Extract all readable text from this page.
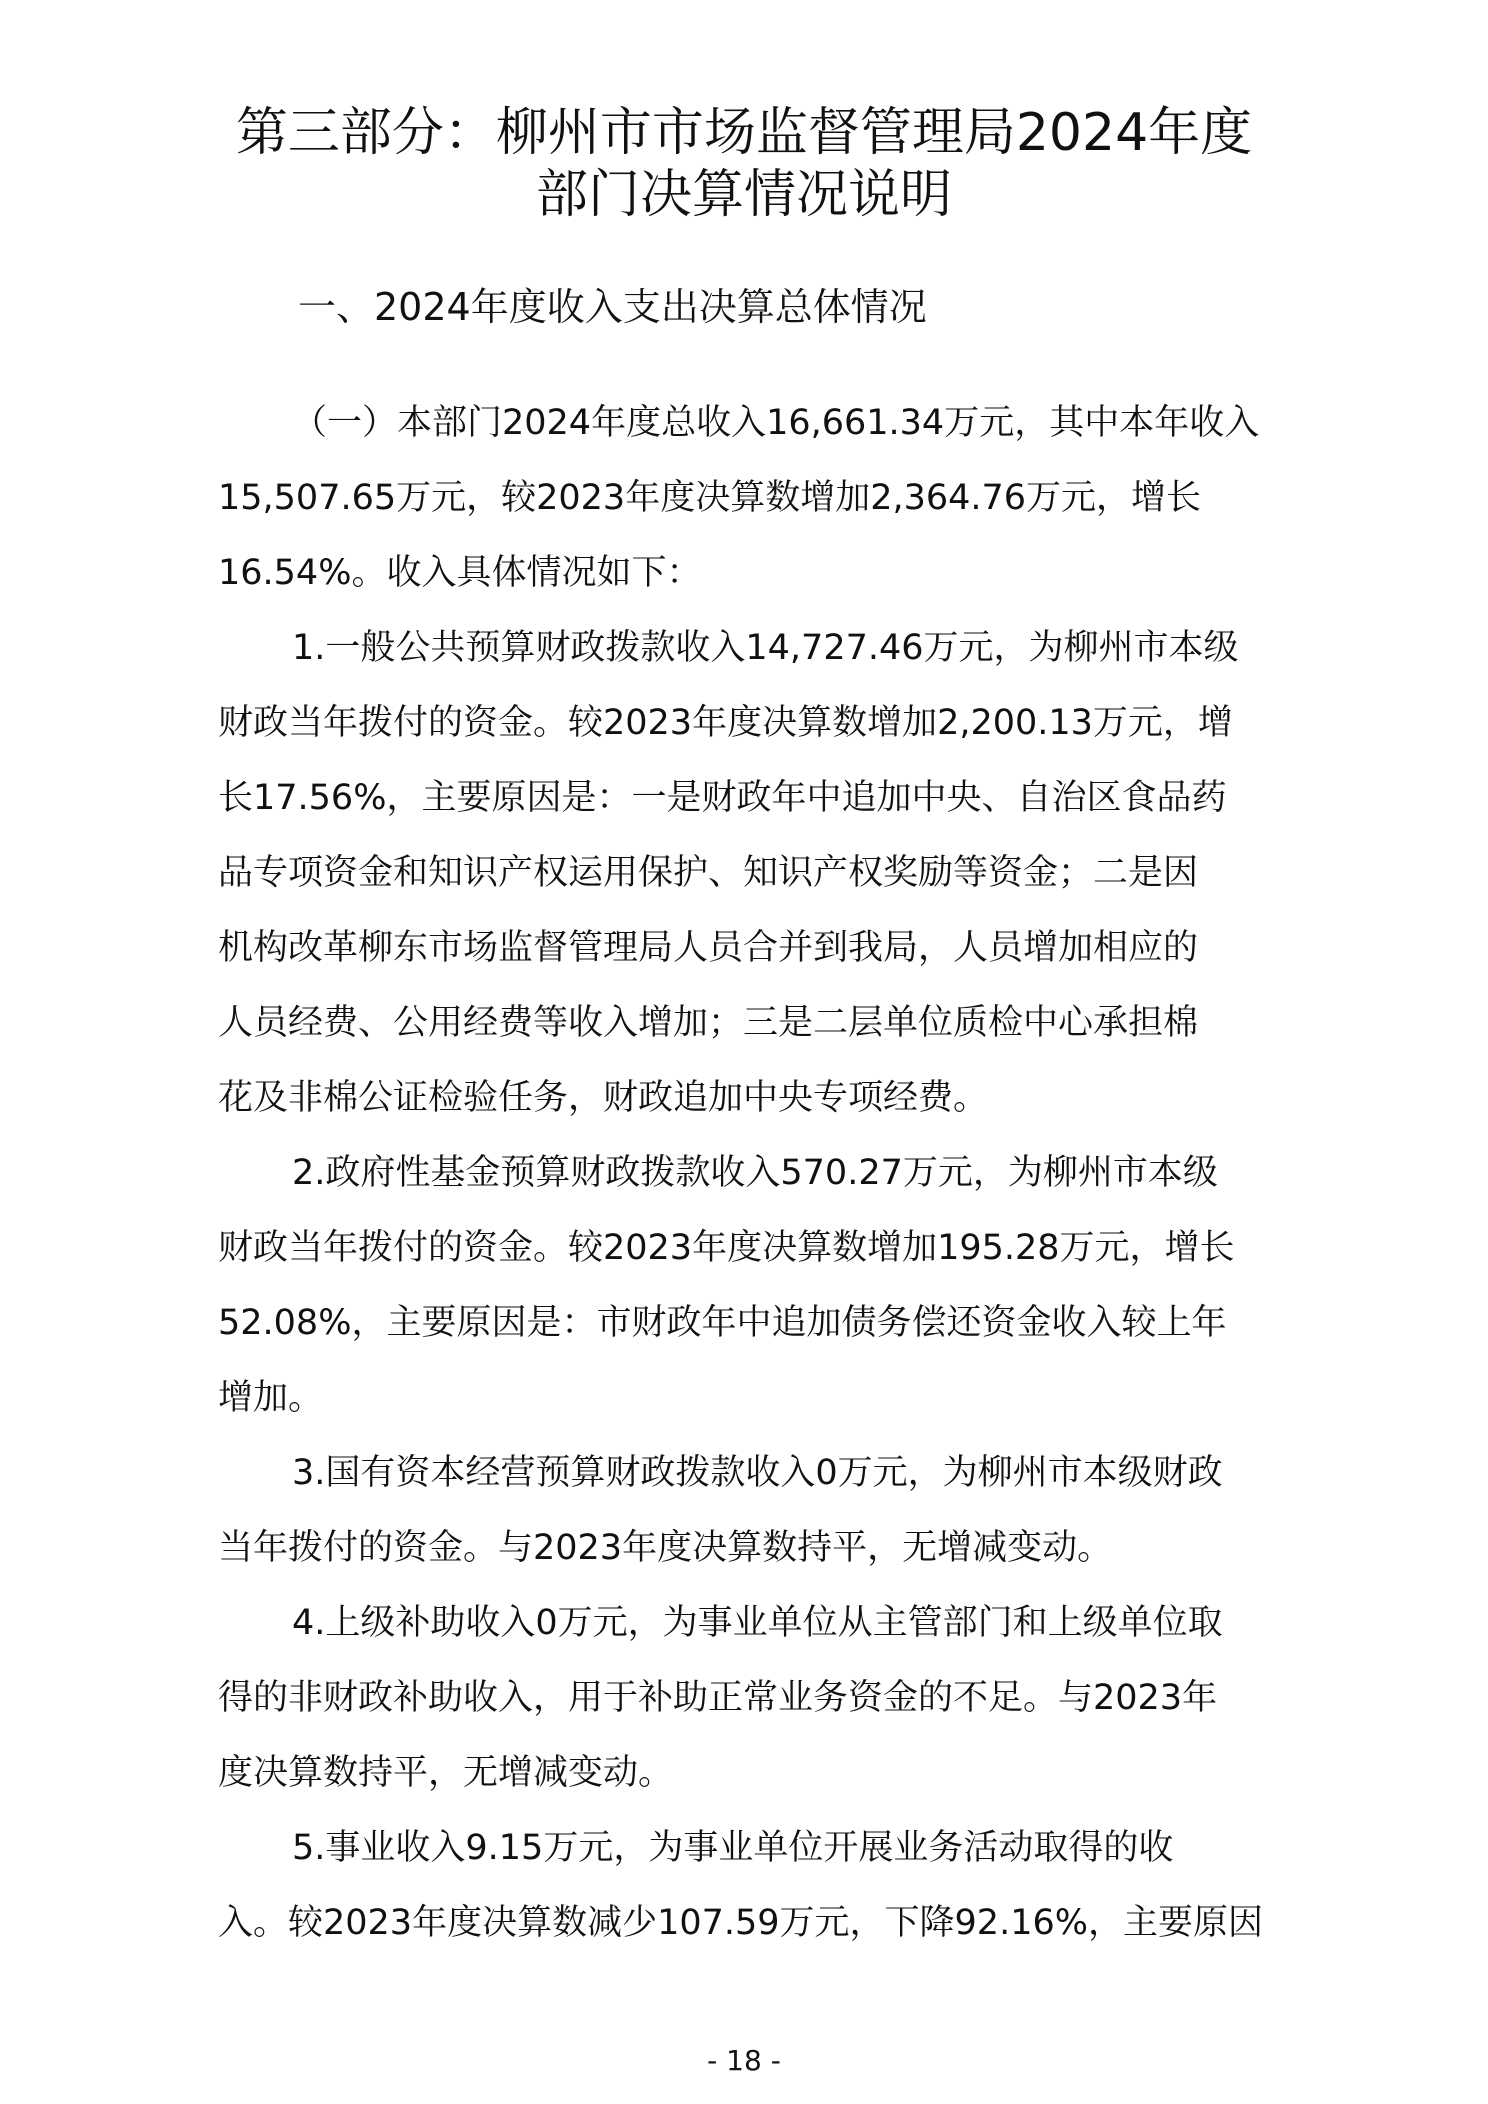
第三部分：柳州市市场监督管理局2024年度
部门决算情况说明
一、2024年度收入支出决算总体情况
（一）本部门2024年度总收入16,661.34万元，其中本年收入
15,507.65万元，较2023年度决算数增加2,364.76万元，增长
16.54%。收入具体情况如下：
1.一般公共预算财政拨款收入14,727.46万元，为柳州市本级
财政当年拨付的资金。较2023年度决算数增加2,200.13万元，增
长17.56%，主要原因是：一是财政年中追加中央、自治区食品药
品专项资金和知识产权运用保护、知识产权奖励等资金；二是因
机构改革柳东市场监督管理局人员合并到我局，人员增加相应的
人员经费、公用经费等收入增加；三是二层单位质检中心承担棉
花及非棉公证检验任务，财政追加中央专项经费。
2.政府性基金预算财政拨款收入570.27万元，为柳州市本级
财政当年拨付的资金。较2023年度决算数增加195.28万元，增长
52.08%，主要原因是：市财政年中追加债务偿还资金收入较上年
增加。
3.国有资本经营预算财政拨款收入0万元，为柳州市本级财政
当年拨付的资金。与2023年度决算数持平，无增减变动。
4.上级补助收入0万元，为事业单位从主管部门和上级单位取
得的非财政补助收入，用于补助正常业务资金的不足。与2023年
度决算数持平，无增减变动。
5.事业收入9.15万元，为事业单位开展业务活动取得的收
入。较2023年度决算数减少107.59万元，下降92.16%，主要原因
- 18 -
